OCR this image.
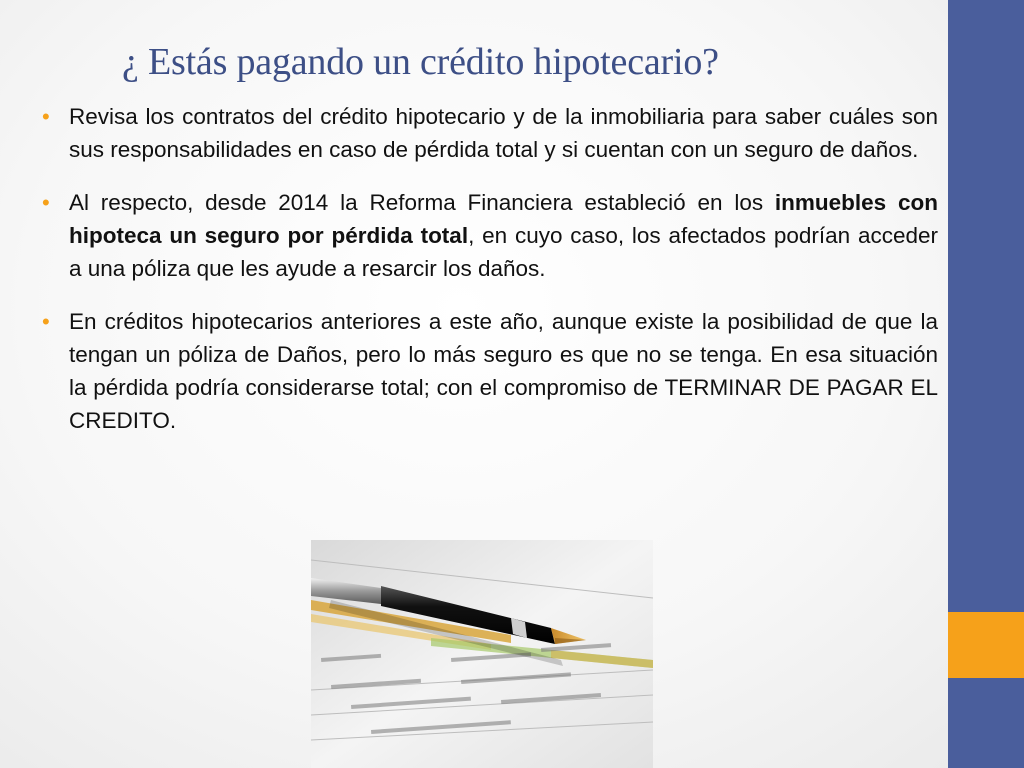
¿ Estás pagando un crédito hipotecario?
• Revisa los contratos del crédito hipotecario y de la inmobiliaria para saber cuáles son sus responsabilidades en caso de pérdida total y si cuentan con un seguro de daños.
• Al respecto, desde 2014 la Reforma Financiera estableció en los inmuebles con hipoteca un seguro por pérdida total, en cuyo caso, los afectados podrían acceder a una póliza que les ayude a resarcir los daños.
• En créditos hipotecarios anteriores a este año, aunque existe la posibilidad de que la tengan un póliza de Daños, pero lo más seguro es que no se tenga. En esa situación la pérdida podría considerarse total; con el compromiso de TERMINAR DE PAGAR EL CREDITO.
